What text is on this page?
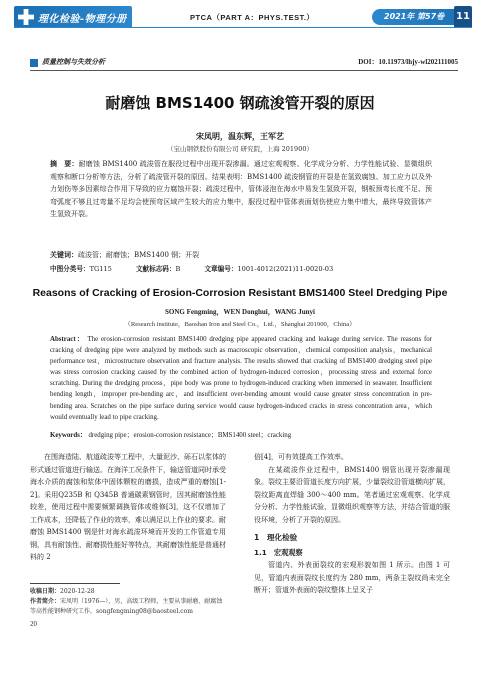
理化检验-物理分册	PTCA（PART A：PHYS.TEST.）	2021年 第57卷 11
质量控制与失效分析	DOI：10.11973/lhjy-wl202111005
耐磨蚀 BMS1400 钢疏浚管开裂的原因
宋凤明，温东辉，王军艺
（宝山钢铁股份有限公司 研究院，上海 201900）
摘　要：耐磨蚀 BMS1400 疏浚管在服役过程中出现开裂渗漏。通过宏观观察、化学成分分析、力学性能试验、显微组织观察和断口分析等方法，分析了疏浚管开裂的原因。结果表明：BMS1400 疏浚钢管的开裂是在氢致腐蚀、加工应力以及外力划伤等多因素综合作用下导致的应力腐蚀开裂；疏浚过程中，管体浸泡在海水中易发生氢致开裂，钢板预弯长度不足、预弯弧度不够且过弯量不足均会使预弯区域产生较大的应力集中，服役过程中管体表面划伤使应力集中增大，最终导致管体产生氢致开裂。
关键词：疏浚管；耐磨蚀；BMS1400 钢；开裂
中图分类号：TG115	文献标志码：B	文章编号：1001-4012(2021)11-0020-03
Reasons of Cracking of Erosion-Corrosion Resistant BMS1400 Steel Dredging Pipe
SONG Fengming，WEN Donghui，WANG Junyi
（Research institute，Baoshan Iron and Steel Co.，Ltd.，Shanghai 201900，China）
Abstract： The erosion-corrosion resistant BMS1400 dredging pipe appeared cracking and leakage during service. The reasons for cracking of dredging pipe were analyzed by methods such as macroscopic observation，chemical composition analysis，mechanical performance test，microstructure observation and fracture analysis. The results showed that cracking of BMS1400 dredging steel pipe was stress corrosion cracking caused by the combined action of hydrogen-induced corrosion，processing stress and external force scratching. During the dredging process，pipe body was prone to hydrogen-induced cracking when immersed in seawater. Insufficient bending length，improper pre-bending arc，and insufficient over-bending amount would cause greater stress concentration in pre-bending area. Scratches on the pipe surface during service would cause hydrogen-induced cracks in stress concentration area，which would eventually lead to pipe cracking.
Keywords： dredging pipe；erosion-corrosion resistance；BMS1400 steel；cracking

在围海造陆、航道疏浚等工程中，大量泥沙、砾石以浆体的形式通过管道进行输送。在海洋工况条件下，输送管道同时承受海水介质的腐蚀和浆体中固体颗粒的磨损，造成严重的磨蚀[1-2]。采用Q235B 和 Q345B 普通碳素钢管时，因其耐磨蚀性能较差，使用过程中需要频繁调换管体或维修[3]，这不仅增加了工作成本，还降低了作业的效率，难以满足以上作业的要求。耐磨蚀 BMS1400 钢是针对海水疏浚环境而开发的工作管道专用钢，具有耐蚀性、耐磨损性能好等特点，其耐磨蚀性能是普通材料的 2

倍[4]，可有效提高工作效率。

在某疏浚作业过程中，BMS1400 钢管出现开裂渗漏现象。裂纹主要沿管道长度方向扩展，少量裂纹沿管道横向扩展，裂纹距离直焊缝 300～400 mm。笔者通过宏观观察、化学成分分析、力学性能试验、显微组织观察等方法，并结合管道的服役环境，分析了开裂的原因。

1　理化检验
1.1　宏观观察

管道内、外表面裂纹的宏观形貌如图 1 所示。由图 1 可见，管道内表面裂纹长度约为 280 mm，两条主裂纹尚未完全断开；管道外表面的裂纹整体上呈叉子

收稿日期：2020-12-28
作者简介：宋凤明（1976—），男，高级工程师，主要从事耐磨、耐腐蚀等高性能钢种研究工作，songfengming08@baosteel.com
20
